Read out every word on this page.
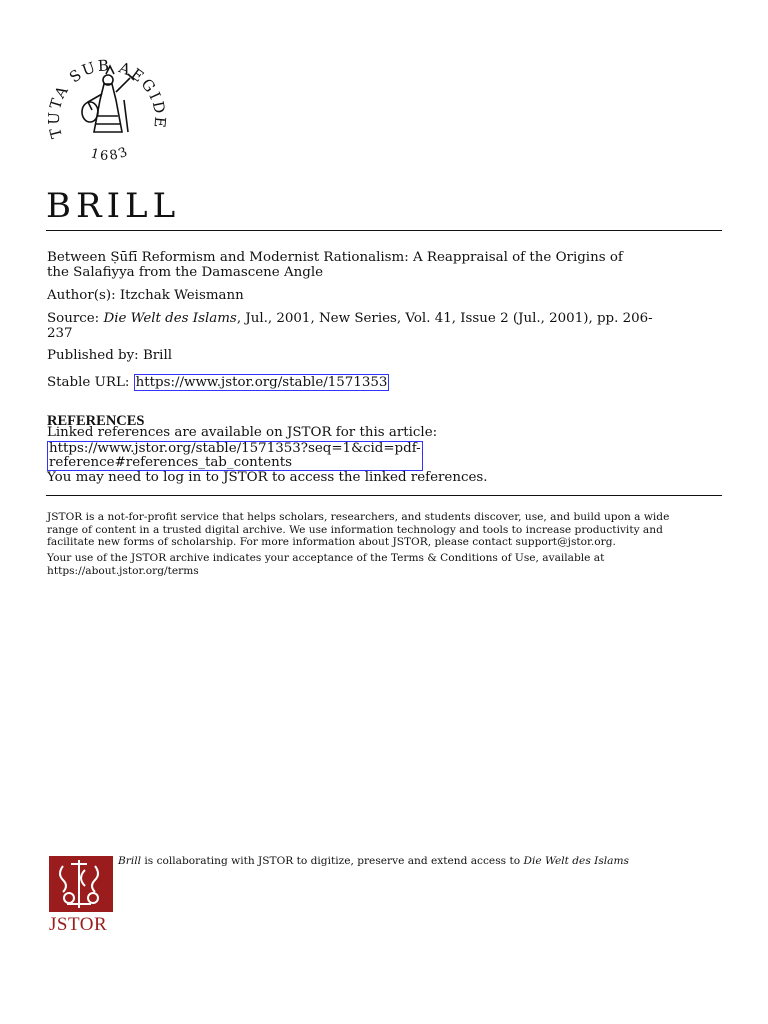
TUTA SUB AEGIDE
1683
BRILL
Between Ṣūfī Reformism and Modernist Rationalism: A Reappraisal of the Origins of
the Salafiyya from the Damascene Angle
Author(s): Itzchak Weismann
Source: Die Welt des Islams, Jul., 2001, New Series, Vol. 41, Issue 2 (Jul., 2001), pp. 206-
237
Published by: Brill
Stable URL: https://www.jstor.org/stable/1571353
REFERENCES
Linked references are available on JSTOR for this article:
https://www.jstor.org/stable/1571353?seq=1&cid=pdf-
reference#references_tab_contents
You may need to log in to JSTOR to access the linked references.
JSTOR is a not-for-profit service that helps scholars, researchers, and students discover, use, and build upon a wide
range of content in a trusted digital archive. We use information technology and tools to increase productivity and
facilitate new forms of scholarship. For more information about JSTOR, please contact support@jstor.org.
Your use of the JSTOR archive indicates your acceptance of the Terms & Conditions of Use, available at
https://about.jstor.org/terms
JSTOR
Brill is collaborating with JSTOR to digitize, preserve and extend access to Die Welt des Islams
